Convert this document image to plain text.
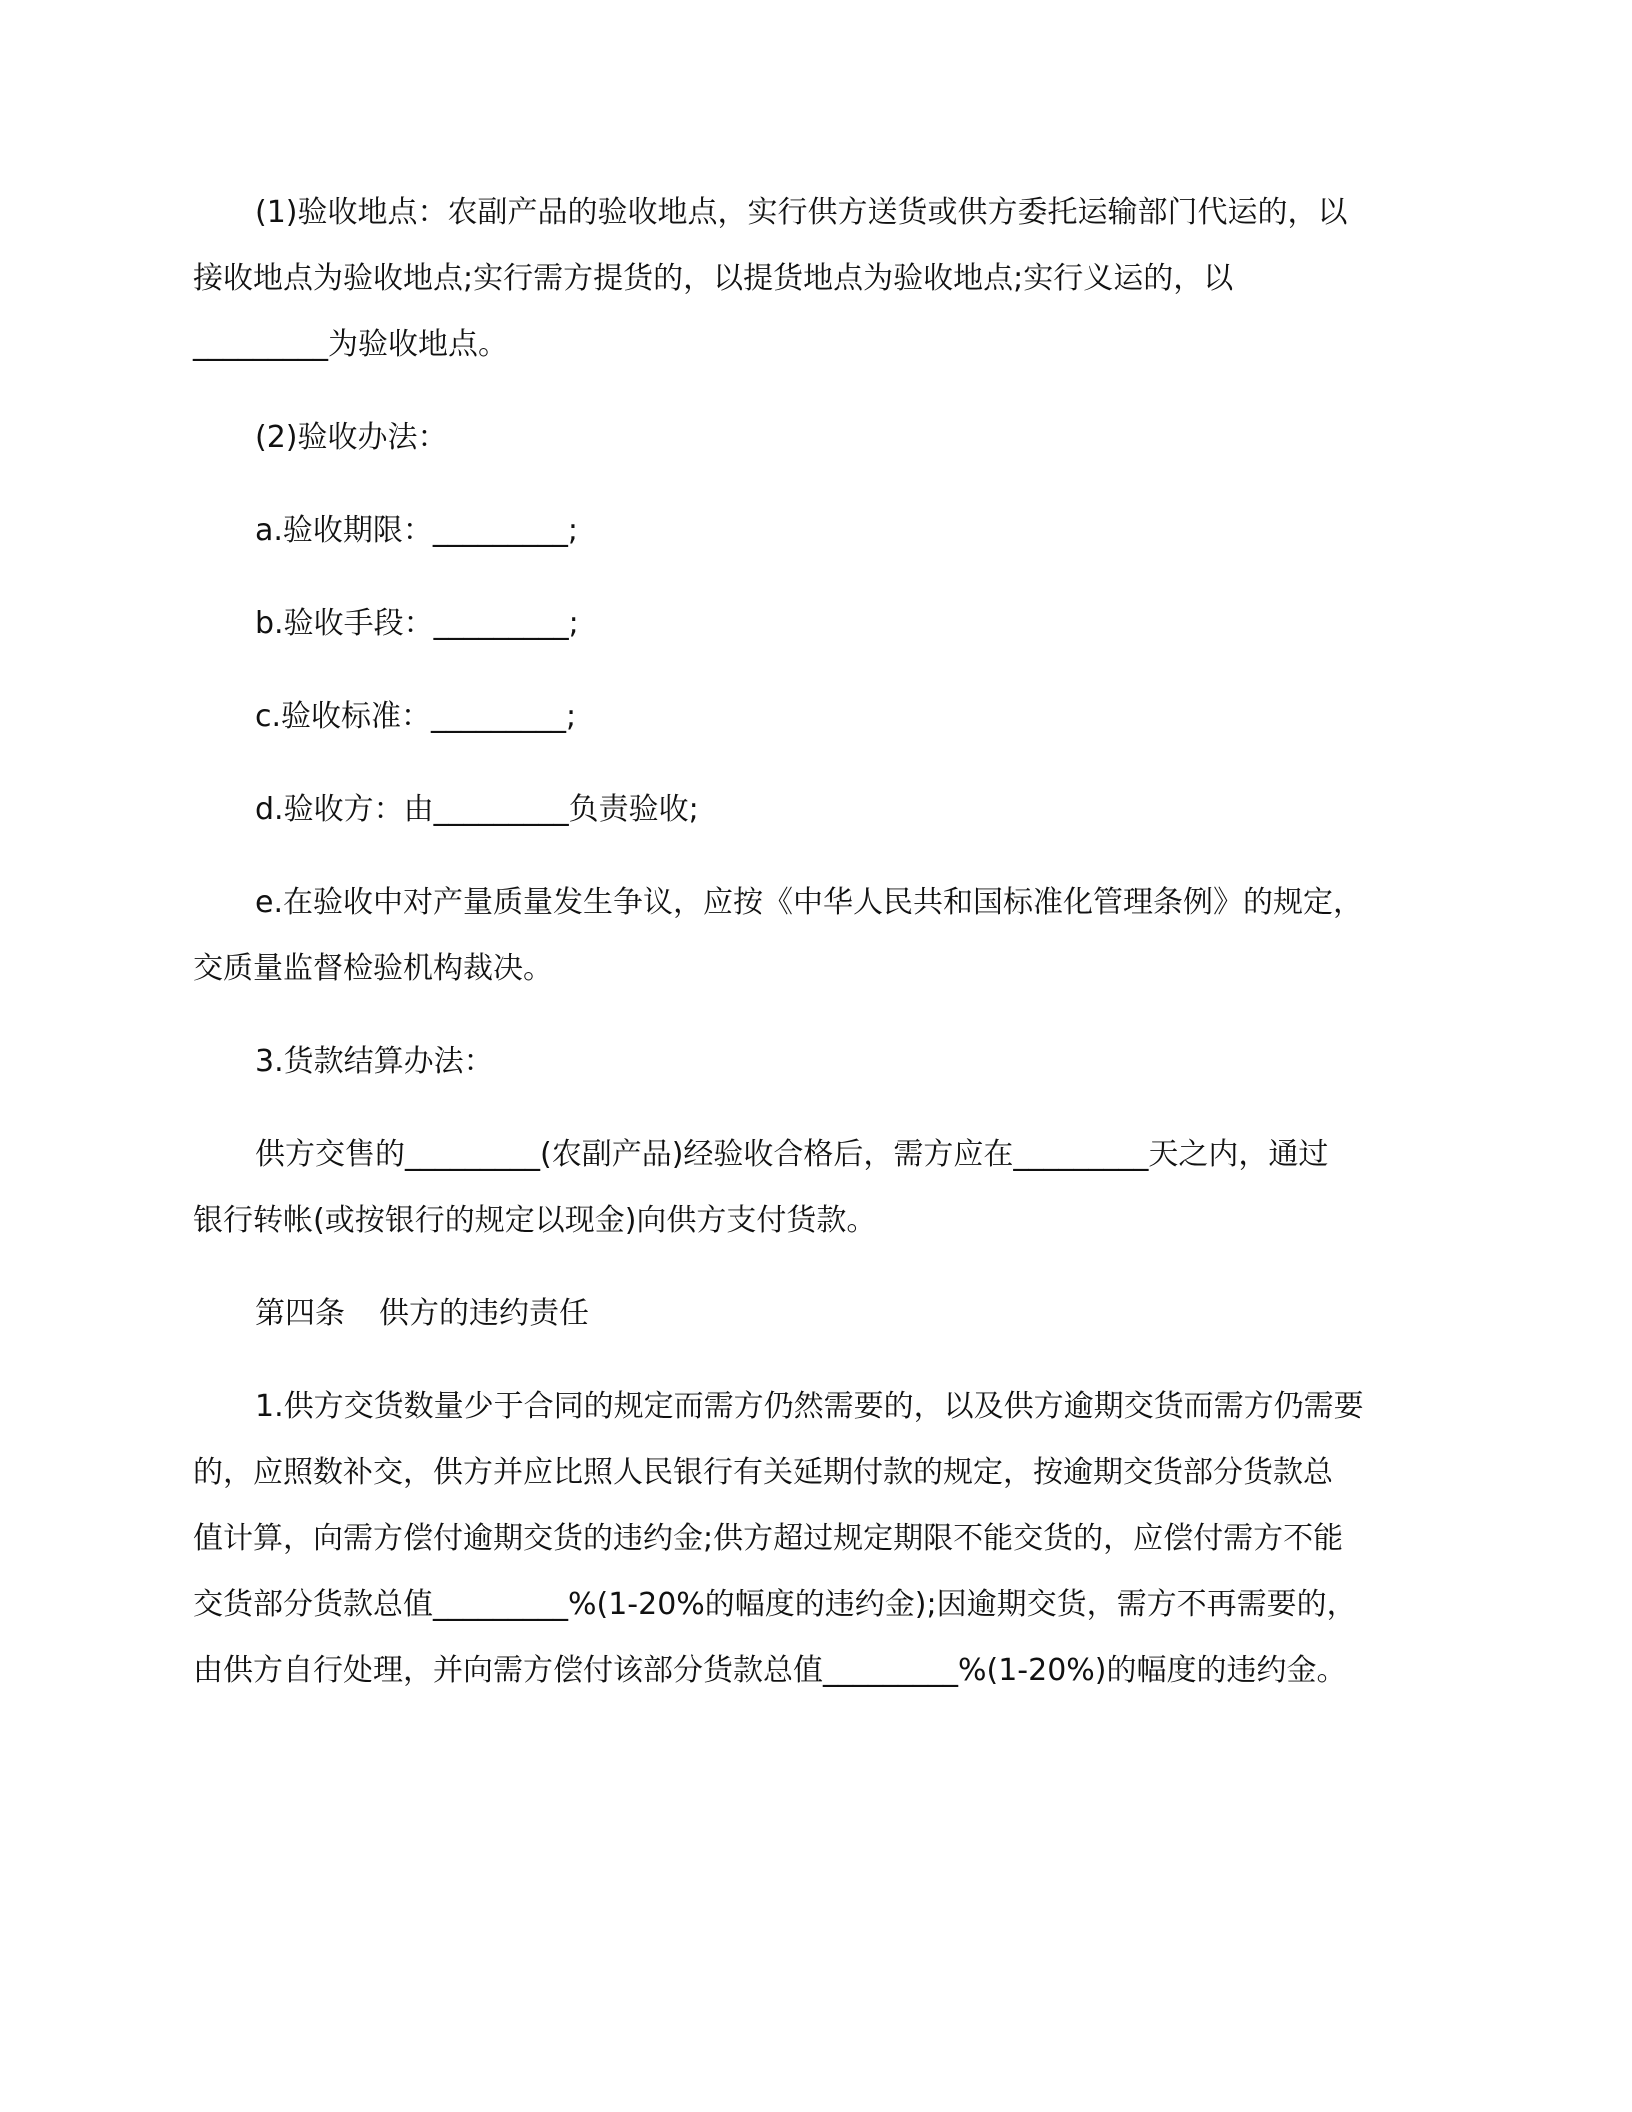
(1)验收地点：农副产品的验收地点，实行供方送货或供方委托运输部门代运的，以
接收地点为验收地点;实行需方提货的，以提货地点为验收地点;实行义运的，以
_________为验收地点。
(2)验收办法：
a.验收期限：_________;
b.验收手段：_________;
c.验收标准：_________;
d.验收方：由_________负责验收;
e.在验收中对产量质量发生争议，应按《中华人民共和国标准化管理条例》的规定，
交质量监督检验机构裁决。
3.货款结算办法：
供方交售的_________(农副产品)经验收合格后，需方应在_________天之内，通过
银行转帐(或按银行的规定以现金)向供方支付货款。
第四条 供方的违约责任
1.供方交货数量少于合同的规定而需方仍然需要的，以及供方逾期交货而需方仍需要
的，应照数补交，供方并应比照人民银行有关延期付款的规定，按逾期交货部分货款总
值计算，向需方偿付逾期交货的违约金;供方超过规定期限不能交货的，应偿付需方不能
交货部分货款总值_________%(1-20%的幅度的违约金);因逾期交货，需方不再需要的，
由供方自行处理，并向需方偿付该部分货款总值_________%(1-20%)的幅度的违约金。
